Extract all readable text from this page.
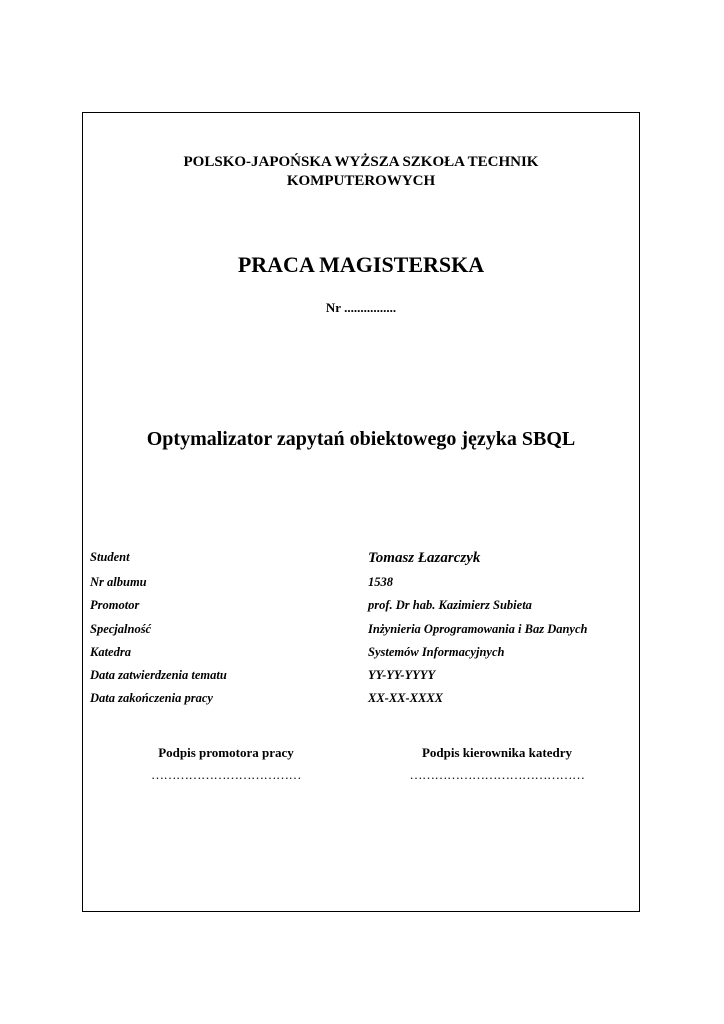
POLSKO-JAPOŃSKA WYŻSZA SZKOŁA TECHNIK
KOMPUTEROWYCH
PRACA MAGISTERSKA
Nr ................
Optymalizator zapytań obiektowego języka SBQL
Student	Tomasz Łazarczyk
Nr albumu	1538
Promotor	prof. Dr hab. Kazimierz Subieta
Specjalność	Inżynieria Oprogramowania i Baz Danych
Katedra	Systemów Informacyjnych
Data zatwierdzenia tematu	YY-YY-YYYY
Data zakończenia pracy	XX-XX-XXXX
Podpis promotora pracy
………………………………
Podpis kierownika katedry
……………………………………
